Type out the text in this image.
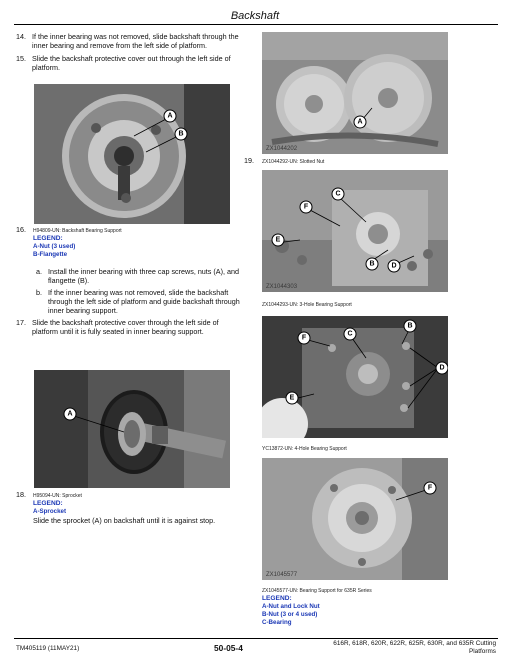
Backshaft
14. If the inner bearing was not removed, slide backshaft through the inner bearing and remove from the left side of platform.
15. Slide the backshaft protective cover out through the left side of platform.
A
B
16. H94809-UN: Backshaft Bearing Support
LEGEND:
A-Nut (3 used)
B-Flangette
a. Install the inner bearing with three cap screws, nuts (A), and flangette (B).
b. If the inner bearing was not removed, slide the backshaft through the left side of platform and guide backshaft through inner bearing support.
17. Slide the backshaft protective cover through the left side of platform until it is fully seated in inner bearing support.
A
18. H95094-UN: Sprocket
LEGEND:
A-Sprocket
Slide the sprocket (A) on backshaft until it is against stop.
A
ZX1044202
19. ZX1044292-UN: Slotted Nut
C
F
E
B D
ZX1044303
ZX1044293-UN: 3-Hole Bearing Support
B
F
C
D
E
YC13872-UN: 4-Hole Bearing Support
F
ZX1045577
ZX1045577-UN: Bearing Support for 635R Series
LEGEND:
A-Nut and Lock Nut
B-Nut (3 or 4 used)
C-Bearing
TM405119 (11MAY21)	50-05-4	616R, 618R, 620R, 622R, 625R, 630R, and 635R Cutting
Platforms
